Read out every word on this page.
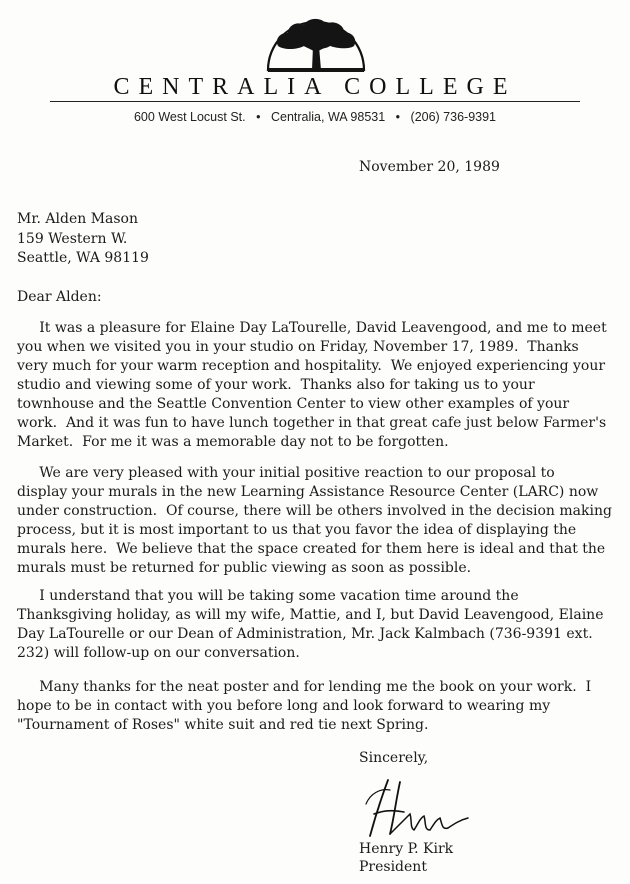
CENTRALIA COLLEGE
600 West Locust St. • Centralia, WA 98531 • (206) 736-9391
November 20, 1989
Mr. Alden Mason
159 Western W.
Seattle, WA 98119
Dear Alden:
It was a pleasure for Elaine Day LaTourelle, David Leavengood, and me to meet
you when we visited you in your studio on Friday, November 17, 1989.  Thanks
very much for your warm reception and hospitality.  We enjoyed experiencing your
studio and viewing some of your work.  Thanks also for taking us to your
townhouse and the Seattle Convention Center to view other examples of your
work.  And it was fun to have lunch together in that great cafe just below Farmer's
Market.  For me it was a memorable day not to be forgotten.
We are very pleased with your initial positive reaction to our proposal to
display your murals in the new Learning Assistance Resource Center (LARC) now
under construction.  Of course, there will be others involved in the decision making
process, but it is most important to us that you favor the idea of displaying the
murals here.  We believe that the space created for them here is ideal and that the
murals must be returned for public viewing as soon as possible.
I understand that you will be taking some vacation time around the
Thanksgiving holiday, as will my wife, Mattie, and I, but David Leavengood, Elaine
Day LaTourelle or our Dean of Administration, Mr. Jack Kalmbach (736-9391 ext.
232) will follow-up on our conversation.
Many thanks for the neat poster and for lending me the book on your work.  I
hope to be in contact with you before long and look forward to wearing my
"Tournament of Roses" white suit and red tie next Spring.
Sincerely,
Henry P. Kirk
President
